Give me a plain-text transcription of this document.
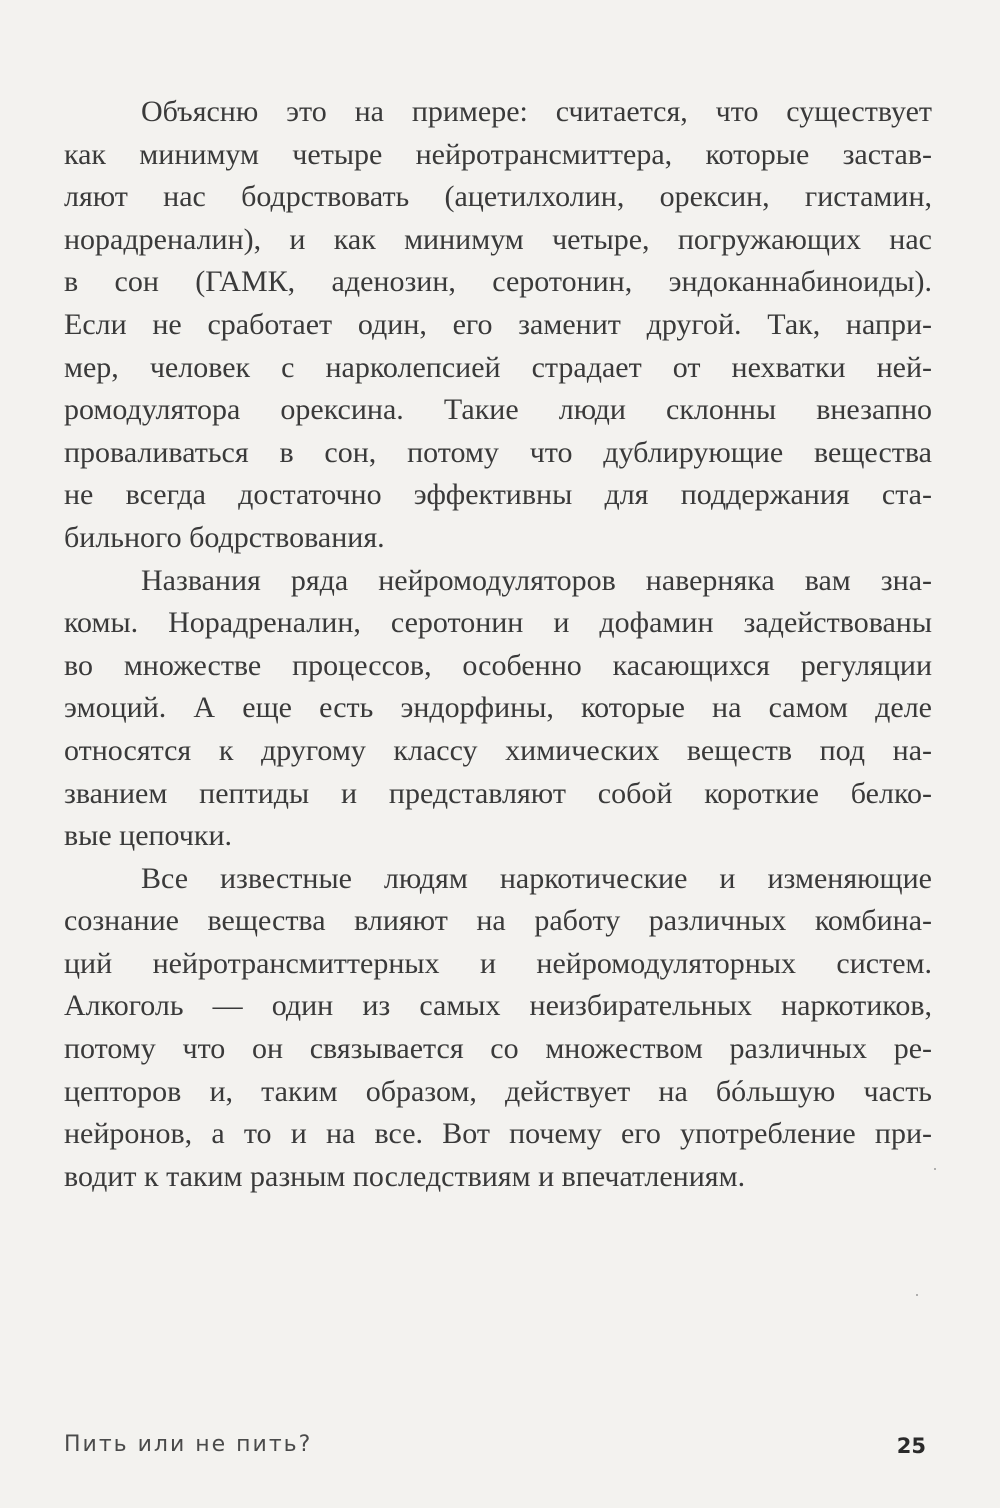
Объясню это на примере: считается, что существует
как минимум четыре нейротрансмиттера, которые застав-
ляют нас бодрствовать (ацетилхолин, орексин, гистамин,
норадреналин), и как минимум четыре, погружающих нас
в сон (ГАМК, аденозин, серотонин, эндоканнабиноиды).
Если не сработает один, его заменит другой. Так, напри-
мер, человек с нарколепсией страдает от нехватки ней-
ромодулятора орексина. Такие люди склонны внезапно
проваливаться в сон, потому что дублирующие вещества
не всегда достаточно эффективны для поддержания ста-
бильного бодрствования.
Названия ряда нейромодуляторов наверняка вам зна-
комы. Норадреналин, серотонин и дофамин задействованы
во множестве процессов, особенно касающихся регуляции
эмоций. А еще есть эндорфины, которые на самом деле
относятся к другому классу химических веществ под на-
званием пептиды и представляют собой короткие белко-
вые цепочки.
Все известные людям наркотические и изменяющие
сознание вещества влияют на работу различных комбина-
ций нейротрансмиттерных и нейромодуляторных систем.
Алкоголь — один из самых неизбирательных наркотиков,
потому что он связывается со множеством различных ре-
цепторов и, таким образом, действует на бóльшую часть
нейронов, а то и на все. Вот почему его употребление при-
водит к таким разным последствиям и впечатлениям.
Пить или не пить?	25
